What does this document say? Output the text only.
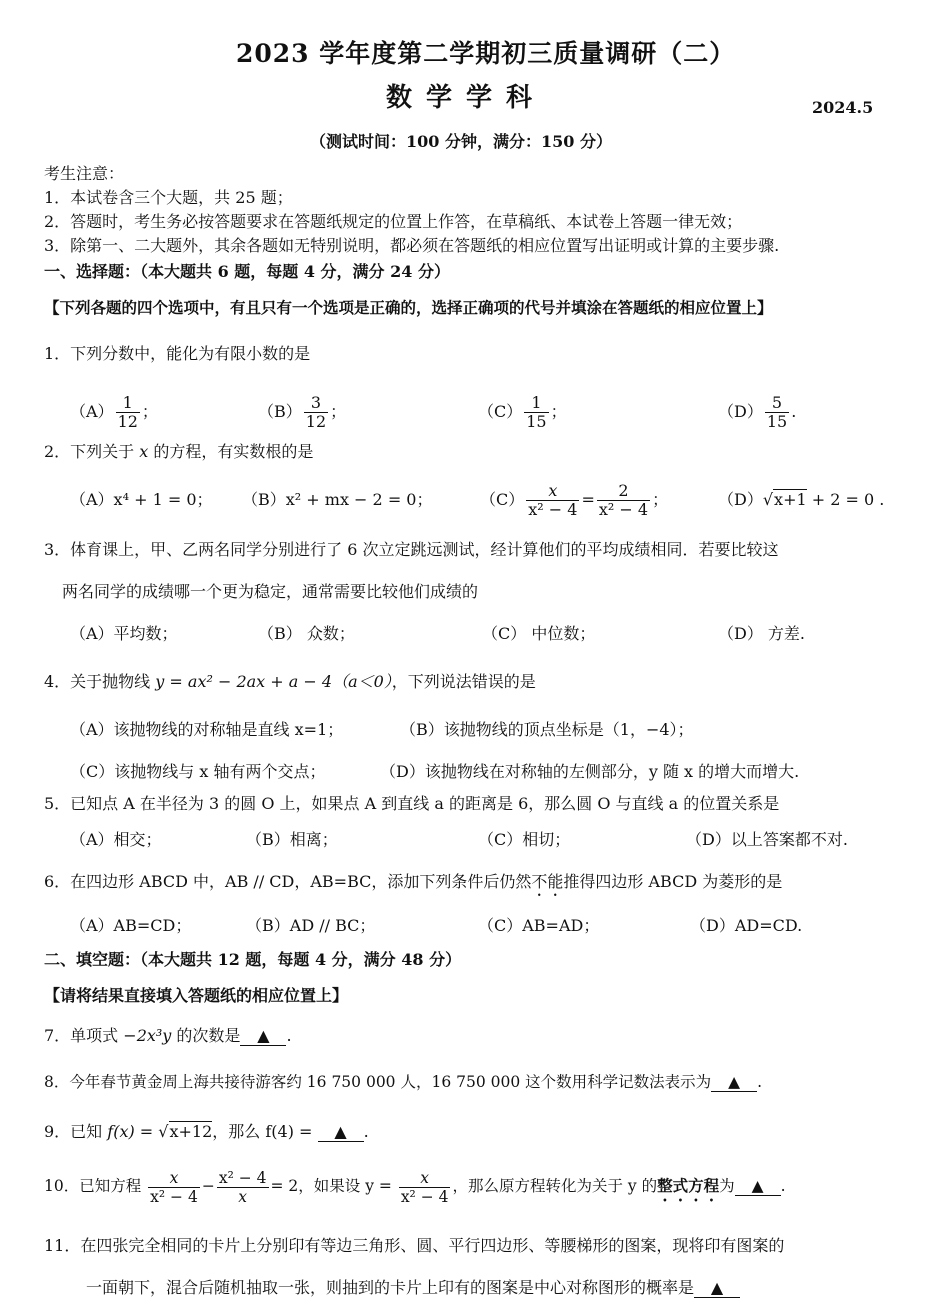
2023 学年度第二学期初三质量调研（二）
数学学科	2024.5
（测试时间：100 分钟，满分：150 分）
考生注意：
1．本试卷含三个大题，共 25 题；
2．答题时，考生务必按答题要求在答题纸规定的位置上作答，在草稿纸、本试卷上答题一律无效；
3．除第一、二大题外，其余各题如无特别说明，都必须在答题纸的相应位置写出证明或计算的主要步骤.
一、选择题：（本大题共 6 题，每题 4 分，满分 24 分）
【下列各题的四个选项中，有且只有一个选项是正确的，选择正确项的代号并填涂在答题纸的相应位置上】
1．下列分数中，能化为有限小数的是
$(A) \frac{1}{12}$ ；	$(B) \frac{3}{12}$ ；	$(C) \frac{1}{15}$ ；	$(D) \frac{5}{15}$ .
2．下列关于 x 的方程，有实数根的是
（A）x⁴ + 1 = 0； （B）x² + mx − 2 = 0；	$(C) \frac{x}{\text{x² − 4}} = \frac{2}{\text{x² − 4}}$ ；	（D）√x+1 + 2 = 0 .
3．体育课上，甲、乙两名同学分别进行了 6 次立定跳远测试，经计算他们的平均成绩相同．若要比较这
两名同学的成绩哪一个更为稳定，通常需要比较他们成绩的
（A）平均数；	（B） 众数；	（C） 中位数；	（D） 方差.
4．关于抛物线 y = ax² − 2ax + a − 4（a＜0），下列说法错误的是
（A）该抛物线的对称轴是直线 x=1；	（B）该抛物线的顶点坐标是（1，−4）；
（C）该抛物线与 x 轴有两个交点；	（D）该抛物线在对称轴的左侧部分，y 随 x 的增大而增大.
5．已知点 A 在半径为 3 的圆 O 上，如果点 A 到直线 a 的距离是 6，那么圆 O 与直线 a 的位置关系是
（A）相交；	（B）相离；	（C）相切；	（D）以上答案都不对.
6．在四边形 ABCD 中，AB // CD，AB=BC，添加下列条件后仍然不能推得四边形 ABCD 为菱形的是
（A）AB=CD；	（B）AD // BC；	（C）AB=AD；	（D）AD=CD.
二、填空题：（本大题共 12 题，每题 4 分，满分 48 分）
【请将结果直接填入答题纸的相应位置上】
7．单项式 −2x³y 的次数是 ▲ .
8．今年春节黄金周上海共接待游客约 16 750 000 人，16 750 000 这个数用科学记数法表示为 ▲ .
9．已知 f(x) = √x+12，那么 f(4) = ▲ .
10．已知方程 $\frac{x}{\text{x² − 4}} - \frac{\text{x² − 4}}{x} = 2$，如果设 $y = \frac{x}{\text{x² − 4}}$ ，那么原方程转化为关于 y 的整式方程为 ▲ .
11．在四张完全相同的卡片上分别印有等边三角形、圆、平行四边形、等腰梯形的图案，现将印有图案的
一面朝下，混合后随机抽取一张，则抽到的卡片上印有的图案是中心对称图形的概率是 ▲
